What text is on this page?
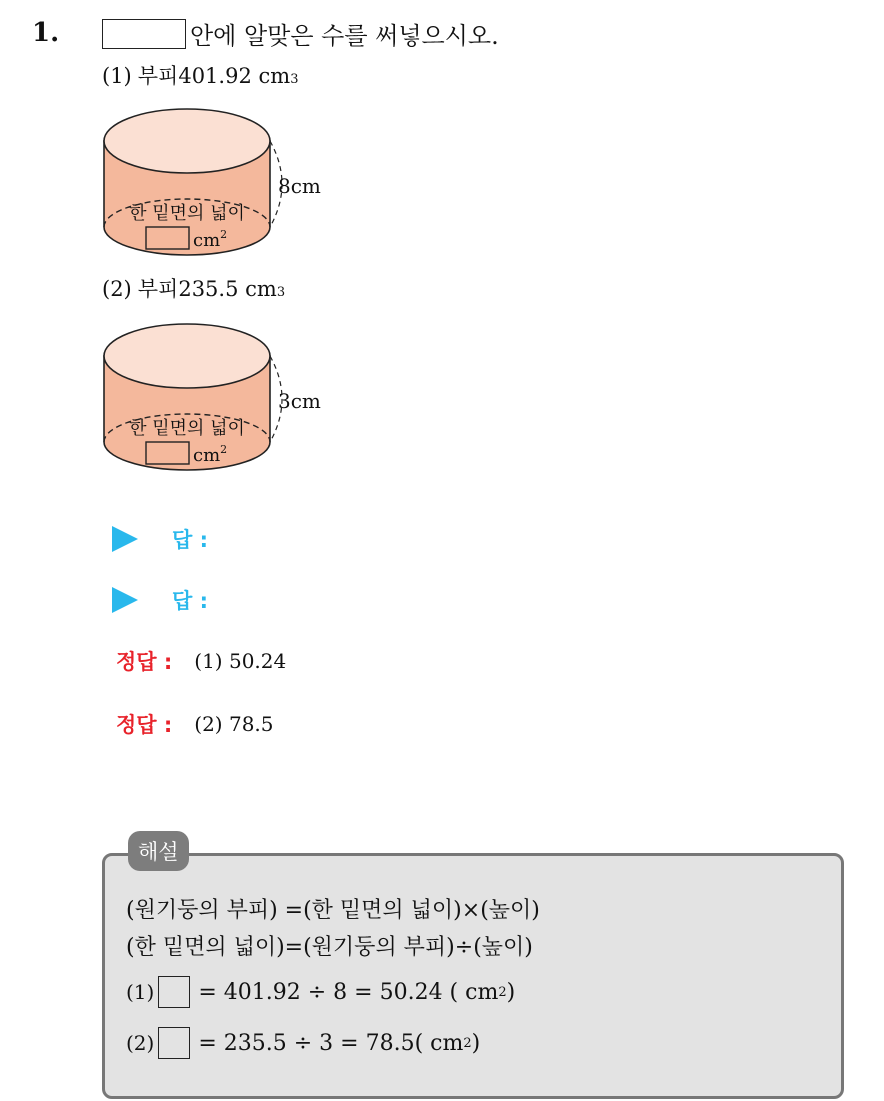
1.	안에 알맞은 수를 써넣으시오.
(1) 부피 401.92
cm 3
8cm
한 밑면의 넓이
$cm^2$
(2) 부피 235.5
cm 3
3cm
한 밑면의 넓이
$cm^2$
답 :
답 :
정답 : (1) 50.24
정답 : (2) 78.5
해설
(원기둥의 부피) =(한 밑면의 넓이)×(높이)
(한 밑면의 넓이)=(원기둥의 부피)÷(높이)
(1) = 401.92 ÷ 8 = 50.24 ( cm 2 )
(2) = 235.5 ÷ 3 = 78.5( cm 2 )
